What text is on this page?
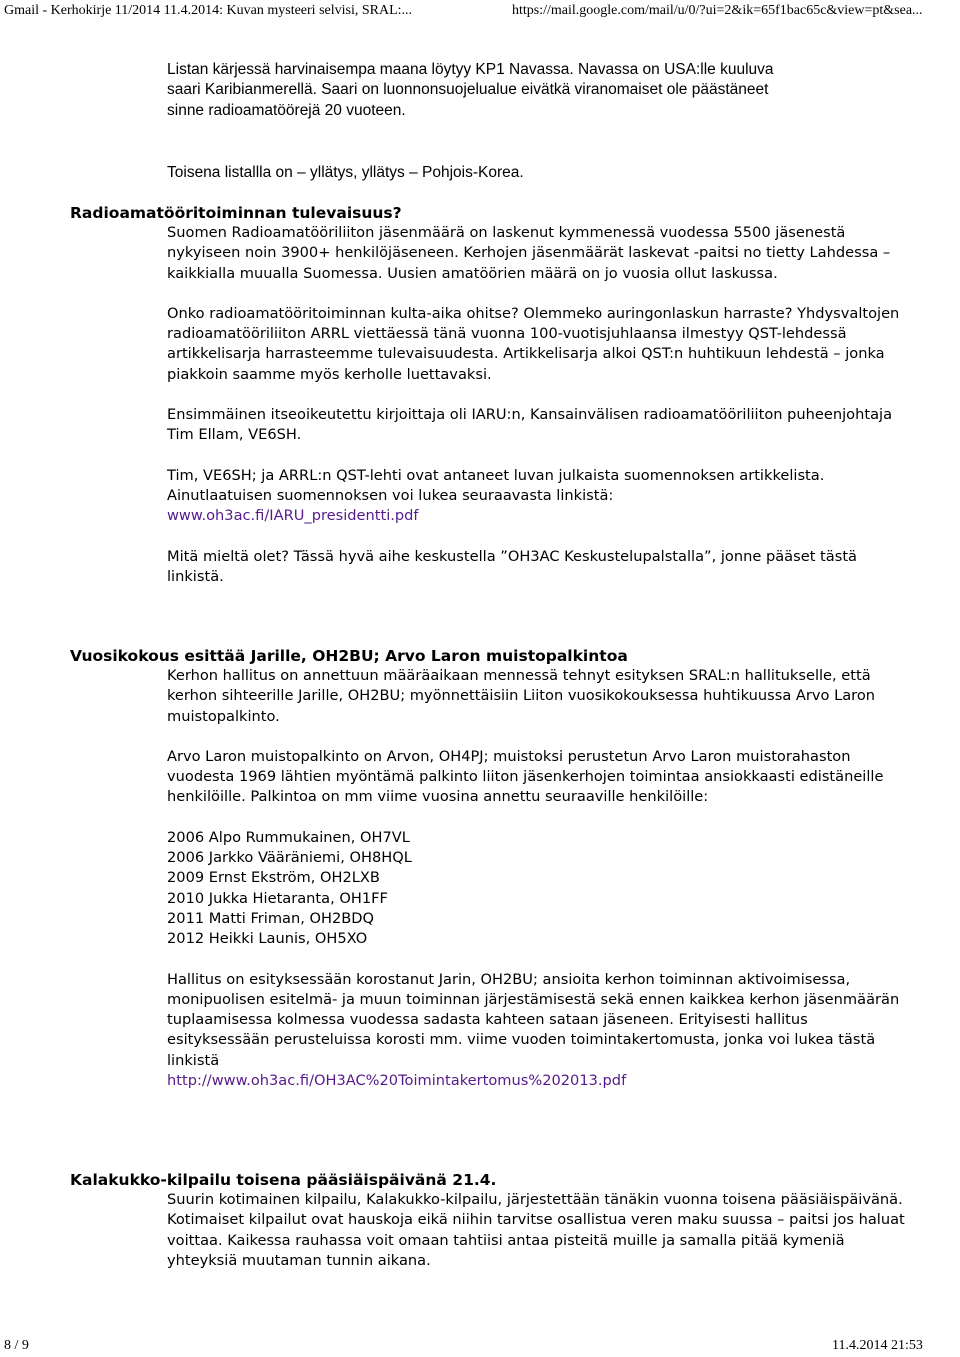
Gmail - Kerhokirje 11/2014 11.4.2014: Kuvan mysteeri selvisi, SRAL:...	https://mail.google.com/mail/u/0/?ui=2&ik=65f1bac65c&view=pt&sea...

Listan kärjessä harvinaisempa maana löytyy KP1 Navassa. Navassa on USA:lle kuuluva
saari Karibianmerellä. Saari on luonnonsuojelualue eivätkä viranomaiset ole päästäneet
sinne radioamatöörejä 20 vuoteen.

Toisena listallla on – yllätys, yllätys – Pohjois-Korea.

Radioamatööritoiminnan tulevaisuus?

Suomen Radioamatööriliiton jäsenmäärä on laskenut kymmenessä vuodessa 5500 jäsenestä nykyiseen noin 3900+ henkilöjäseneen. Kerhojen jäsenmäärät laskevat -paitsi no tietty Lahdessa – kaikkialla muualla Suomessa. Uusien amatöörien määrä on jo vuosia ollut laskussa.

Onko radioamatööritoiminnan kulta-aika ohitse? Olemmeko auringonlaskun harraste? Yhdysvaltojen radioamatööriliiton ARRL viettäessä tänä vuonna 100-vuotisjuhlaansa ilmestyy QST-lehdessä artikkelisarja harrasteemme tulevaisuudesta. Artikkelisarja alkoi QST:n huhtikuun lehdestä – jonka piakkoin saamme myös kerholle luettavaksi.

Ensimmäinen itseoikeutettu kirjoittaja oli IARU:n, Kansainvälisen radioamatööriliiton puheenjohtaja Tim Ellam, VE6SH.

Tim, VE6SH; ja ARRL:n QST-lehti ovat antaneet luvan julkaista suomennoksen artikkelista. Ainutlaatuisen suomennoksen voi lukea seuraavasta linkistä:
www.oh3ac.fi/IARU_presidentti.pdf

Mitä mieltä olet? Tässä hyvä aihe keskustella ”OH3AC Keskustelupalstalla”, jonne pääset tästä linkistä.

Vuosikokous esittää Jarille, OH2BU; Arvo Laron muistopalkintoa

Kerhon hallitus on annettuun määräaikaan mennessä tehnyt esityksen SRAL:n hallitukselle, että kerhon sihteerille Jarille, OH2BU; myönnettäisiin Liiton vuosikokouksessa huhtikuussa Arvo Laron muistopalkinto.

Arvo Laron muistopalkinto on Arvon, OH4PJ; muistoksi perustetun Arvo Laron muistorahaston vuodesta 1969 lähtien myöntämä palkinto liiton jäsenkerhojen toimintaa ansiokkaasti edistäneille henkilöille. Palkintoa on mm viime vuosina annettu seuraaville henkilöille:

2006 Alpo Rummukainen, OH7VL
2006 Jarkko Vääräniemi, OH8HQL
2009 Ernst Ekström, OH2LXB
2010 Jukka Hietaranta, OH1FF
2011 Matti Friman, OH2BDQ
2012 Heikki Launis, OH5XO

Hallitus on esityksessään korostanut Jarin, OH2BU; ansioita kerhon toiminnan aktivoimisessa, monipuolisen esitelmä- ja muun toiminnan järjestämisestä sekä ennen kaikkea kerhon jäsenmäärän tuplaamisessa kolmessa vuodessa sadasta kahteen sataan jäseneen. Erityisesti hallitus esityksessään perusteluissa korosti mm. viime vuoden toimintakertomusta, jonka voi lukea tästä linkistä
http://www.oh3ac.fi/OH3AC%20Toimintakertomus%202013.pdf

Kalakukko-kilpailu toisena pääsiäispäivänä 21.4.

Suurin kotimainen kilpailu, Kalakukko-kilpailu, järjestettään tänäkin vuonna toisena pääsiäispäivänä. Kotimaiset kilpailut ovat hauskoja eikä niihin tarvitse osallistua veren maku suussa – paitsi jos haluat voittaa. Kaikessa rauhassa voit omaan tahtiisi antaa pisteitä muille ja samalla pitää kymeniä yhteyksiä muutaman tunnin aikana.

8 / 9	11.4.2014 21:53
